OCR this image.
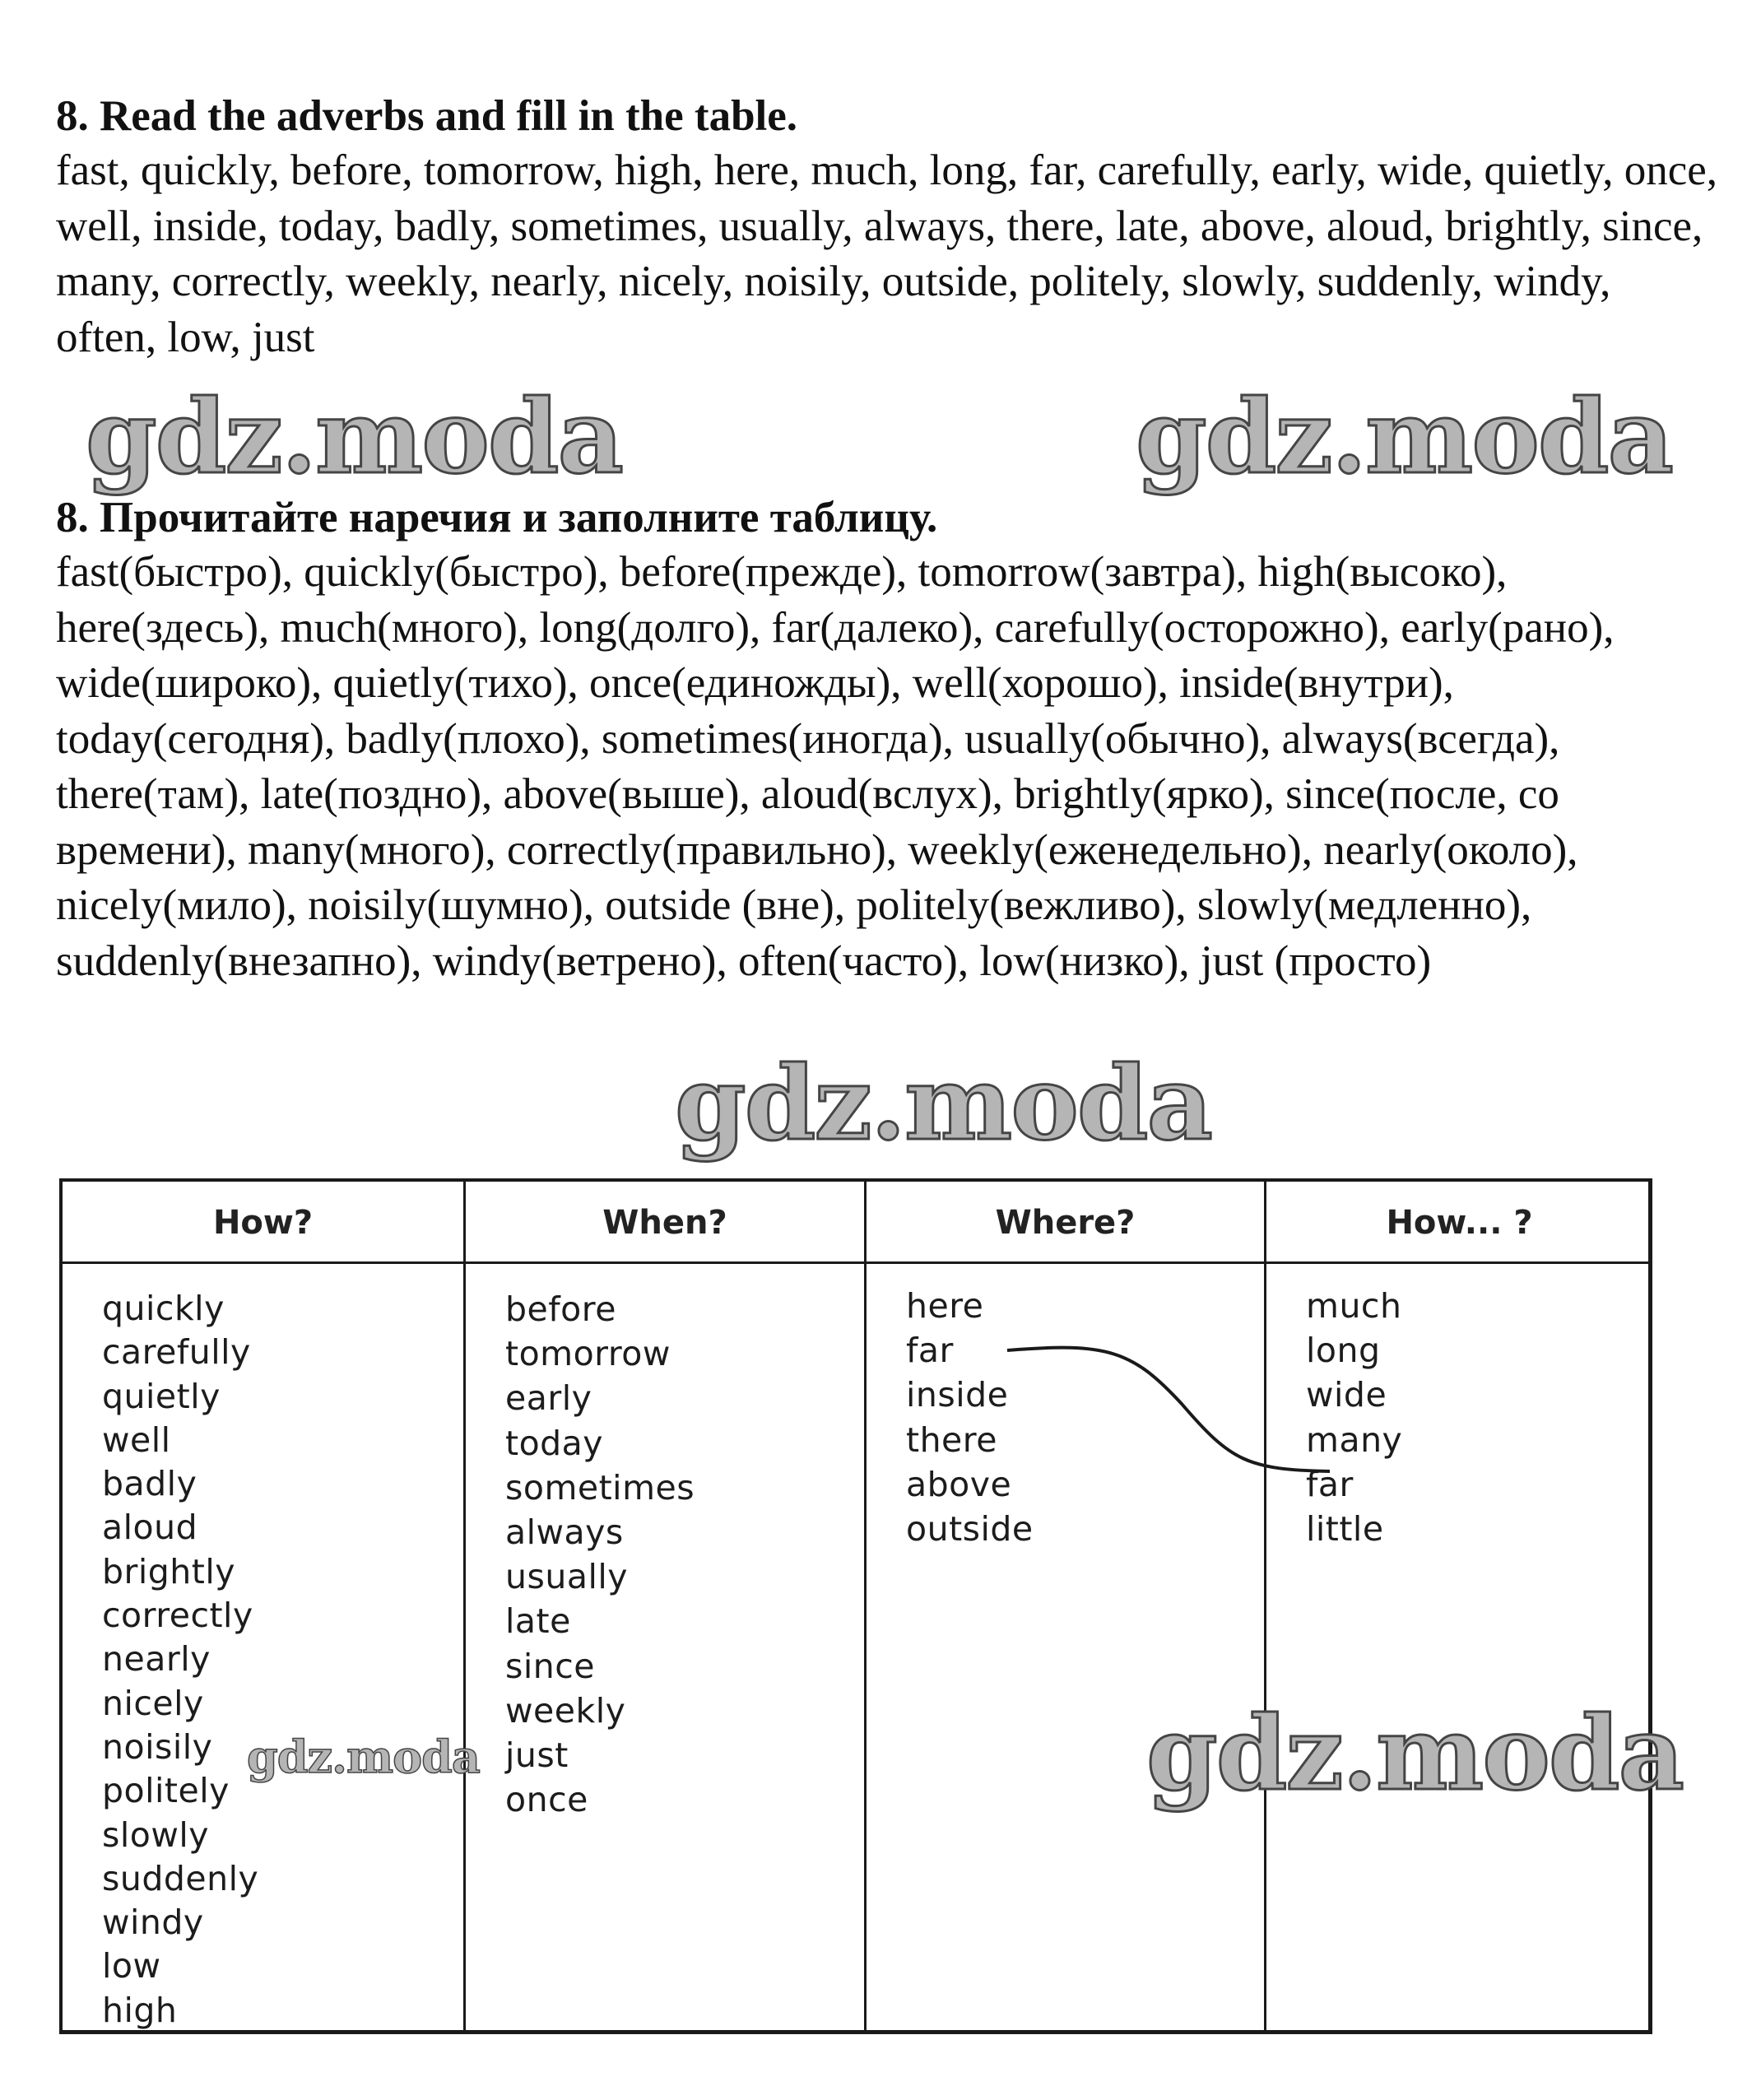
8. Read the adverbs and fill in the table.

fast, quickly, before, tomorrow, high, here, much, long, far, carefully, early, wide, quietly, once, well, inside, today, badly, sometimes, usually, always, there, late, above, aloud, brightly, since, many, correctly, weekly, nearly, nicely, noisily, outside, politely, slowly, suddenly, windy, often, low, just

8. Прочитайте наречия и заполните таблицу.

fast(быстро), quickly(быстро), before(прежде), tomorrow(завтра), high(высоко), here(здесь), much(много), long(долго), far(далеко), carefully(осторожно), early(рано), wide(широко), quietly(тихо), once(единожды), well(хорошо), inside(внутри), today(сегодня), badly(плохо), sometimes(иногда), usually(обычно), always(всегда), there(там), late(поздно), above(выше), aloud(вслух), brightly(ярко), since(после, со времени), many(много), correctly(правильно), weekly(еженедельно), nearly(около), nicely(мило), noisily(шумно), outside (вне), politely(вежливо), slowly(медленно), suddenly(внезапно), windy(ветрено), often(часто), low(низко), just (просто)

gdz.moda	gdz.moda
gdz.moda
How?
quickly
carefully
quietly
well
badly
aloud
brightly
correctly
nearly
nicely
noisily
politely
slowly
suddenly
windy
low
high
When?
before
tomorrow
early
today
sometimes
always
usually
late
since
weekly
just
once
Where?
here
far
inside
there
above
outside
How... ?
much
long
wide
many
far
little
gdz.moda
gdz.moda
